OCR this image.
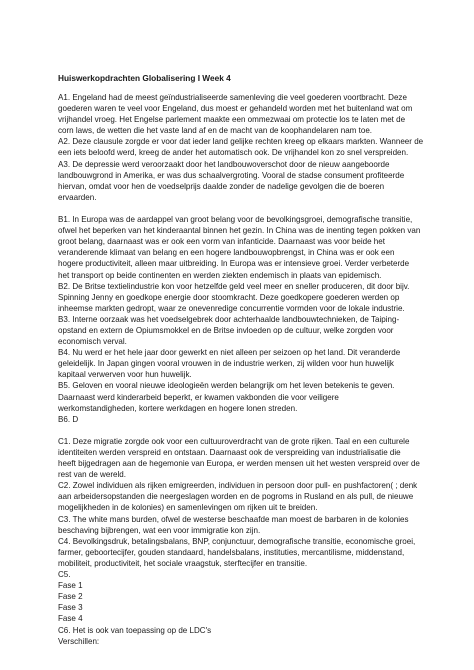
Huiswerkopdrachten Globalisering I Week 4
A1. Engeland had de meest geïndustrialiseerde samenleving die veel goederen voortbracht. Deze
goederen waren te veel voor Engeland, dus moest er gehandeld worden met het buitenland wat om
vrijhandel vroeg. Het Engelse parlement maakte een ommezwaai om protectie los te laten met de
corn laws, de wetten die het vaste land af en de macht van de koophandelaren nam toe.
A2. Deze clausule zorgde er voor dat ieder land gelijke rechten kreeg op elkaars markten. Wanneer de
een iets beloofd werd, kreeg de ander het automatisch ook. De vrijhandel kon zo snel verspreiden.
A3. De depressie werd veroorzaakt door het landbouwoverschot door de nieuw aangeboorde
landbouwgrond in Amerika, er was dus schaalvergroting. Vooral de stadse consument profiteerde
hiervan, omdat voor hen de voedselprijs daalde zonder de nadelige gevolgen die de boeren
ervaarden.
B1. In Europa was de aardappel van groot belang voor de bevolkingsgroei, demografische transitie,
ofwel het beperken van het kinderaantal binnen het gezin. In China was de inenting tegen pokken van
groot belang, daarnaast was er ook een vorm van infanticide. Daarnaast was voor beide het
veranderende klimaat van belang en een hogere landbouwopbrengst, in China was er ook een
hogere productiviteit, alleen maar uitbreiding. In Europa was er intensieve groei. Verder verbeterde
het transport op beide continenten en werden ziekten endemisch in plaats van epidemisch.
B2. De Britse textielindustrie kon voor hetzelfde geld veel meer en sneller produceren, dit door bijv.
Spinning Jenny en goedkope energie door stoomkracht. Deze goedkopere goederen werden op
inheemse markten gedropt, waar ze onevenredige concurrentie vormden voor de lokale industrie.
B3. Interne oorzaak was het voedselgebrek door achterhaalde landbouwtechnieken, de Taiping-
opstand en extern de Opiumsmokkel en de Britse invloeden op de cultuur, welke zorgden voor
economisch verval.
B4. Nu werd er het hele jaar door gewerkt en niet alleen per seizoen op het land. Dit veranderde
geleidelijk. In Japan gingen vooral vrouwen in de industrie werken, zij wilden voor hun huwelijk
kapitaal verwerven voor hun huwelijk.
B5. Geloven en vooral nieuwe ideologieën werden belangrijk om het leven betekenis te geven.
Daarnaast werd kinderarbeid beperkt, er kwamen vakbonden die voor veiligere
werkomstandigheden, kortere werkdagen en hogere lonen streden.
B6. D
C1. Deze migratie zorgde ook voor een cultuuroverdracht van de grote rijken. Taal en een culturele
identiteiten werden verspreid en ontstaan. Daarnaast ook de verspreiding van industrialisatie die
heeft bijgedragen aan de hegemonie van Europa, er werden mensen uit het westen verspreid over de
rest van de wereld.
C2. Zowel individuen als rijken emigreerden, individuen in persoon door pull- en pushfactoren( ; denk
aan arbeidersopstanden die neergeslagen worden en de pogroms in Rusland en als pull, de nieuwe
mogelijkheden in de kolonies) en samenlevingen om rijken uit te breiden.
C3. The white mans burden, ofwel de westerse beschaafde man moest de barbaren in de kolonies
beschaving bijbrengen, wat een voor immigratie kon zijn.
C4. Bevolkingsdruk, betalingsbalans, BNP, conjunctuur, demografische transitie, economische groei,
farmer, geboortecijfer, gouden standaard, handelsbalans, instituties, mercantilisme, middenstand,
mobiliteit, productiviteit, het sociale vraagstuk, sterftecijfer en transitie.
C5.
Fase 1
Fase 2
Fase 3
Fase 4
C6. Het is ook van toepassing op de LDC's
Verschillen:
